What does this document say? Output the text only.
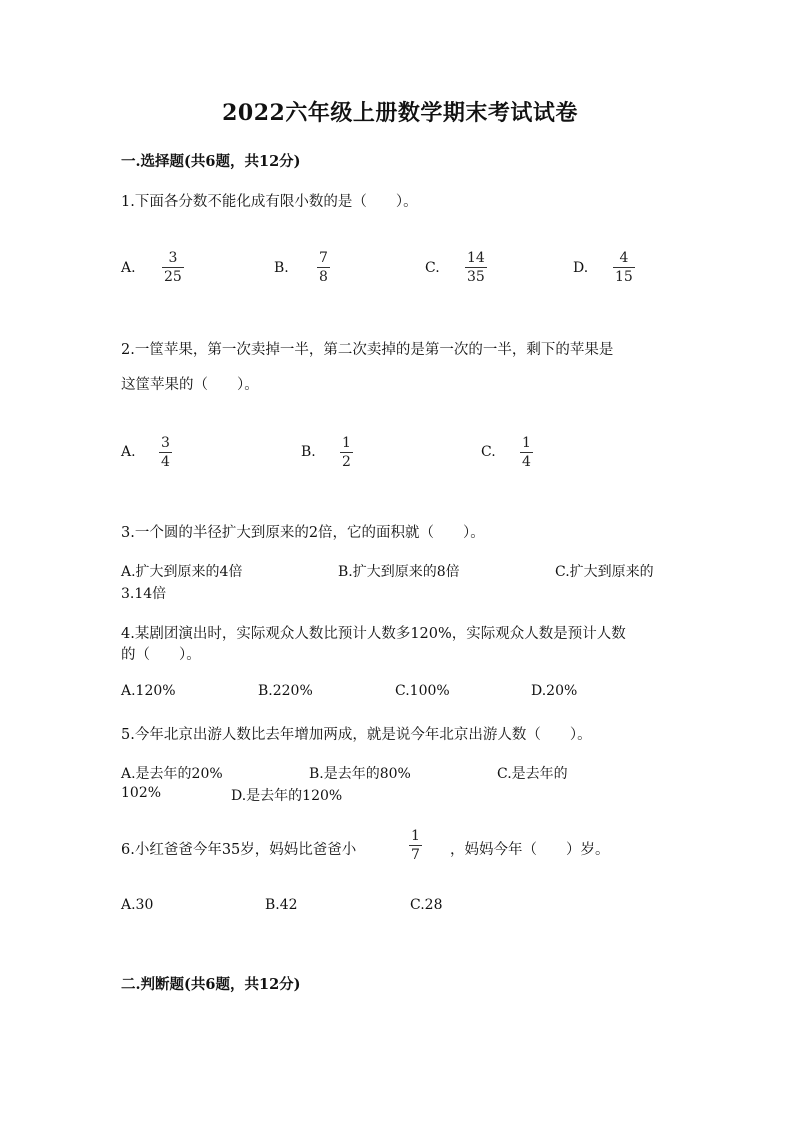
2022六年级上册数学期末考试试卷
一.选择题(共6题，共12分)
1.下面各分数不能化成有限小数的是（　　）。
A.
3
25
B.
7
8
C.
14
35
D.
4
15
2.一筐苹果，第一次卖掉一半，第二次卖掉的是第一次的一半，剩下的苹果是
这筐苹果的（　　）。
A.
3
4
B.
1
2
C.
1
4
3.一个圆的半径扩大到原来的2倍，它的面积就（　　）。
A.扩大到原来的4倍	B.扩大到原来的8倍	C.扩大到原来的
3.14倍
4.某剧团演出时，实际观众人数比预计人数多120%，实际观众人数是预计人数
的（　　）。
A.120%	B.220%	C.100%	D.20%
5.今年北京出游人数比去年增加两成，就是说今年北京出游人数（　　）。
A.是去年的20%	B.是去年的80%	C.是去年的
102%	D.是去年的120%
6.小红爸爸今年35岁，妈妈比爸爸小
1
7 ，妈妈今年（　　）岁。
A.30	B.42	C.28
二.判断题(共6题，共12分)
